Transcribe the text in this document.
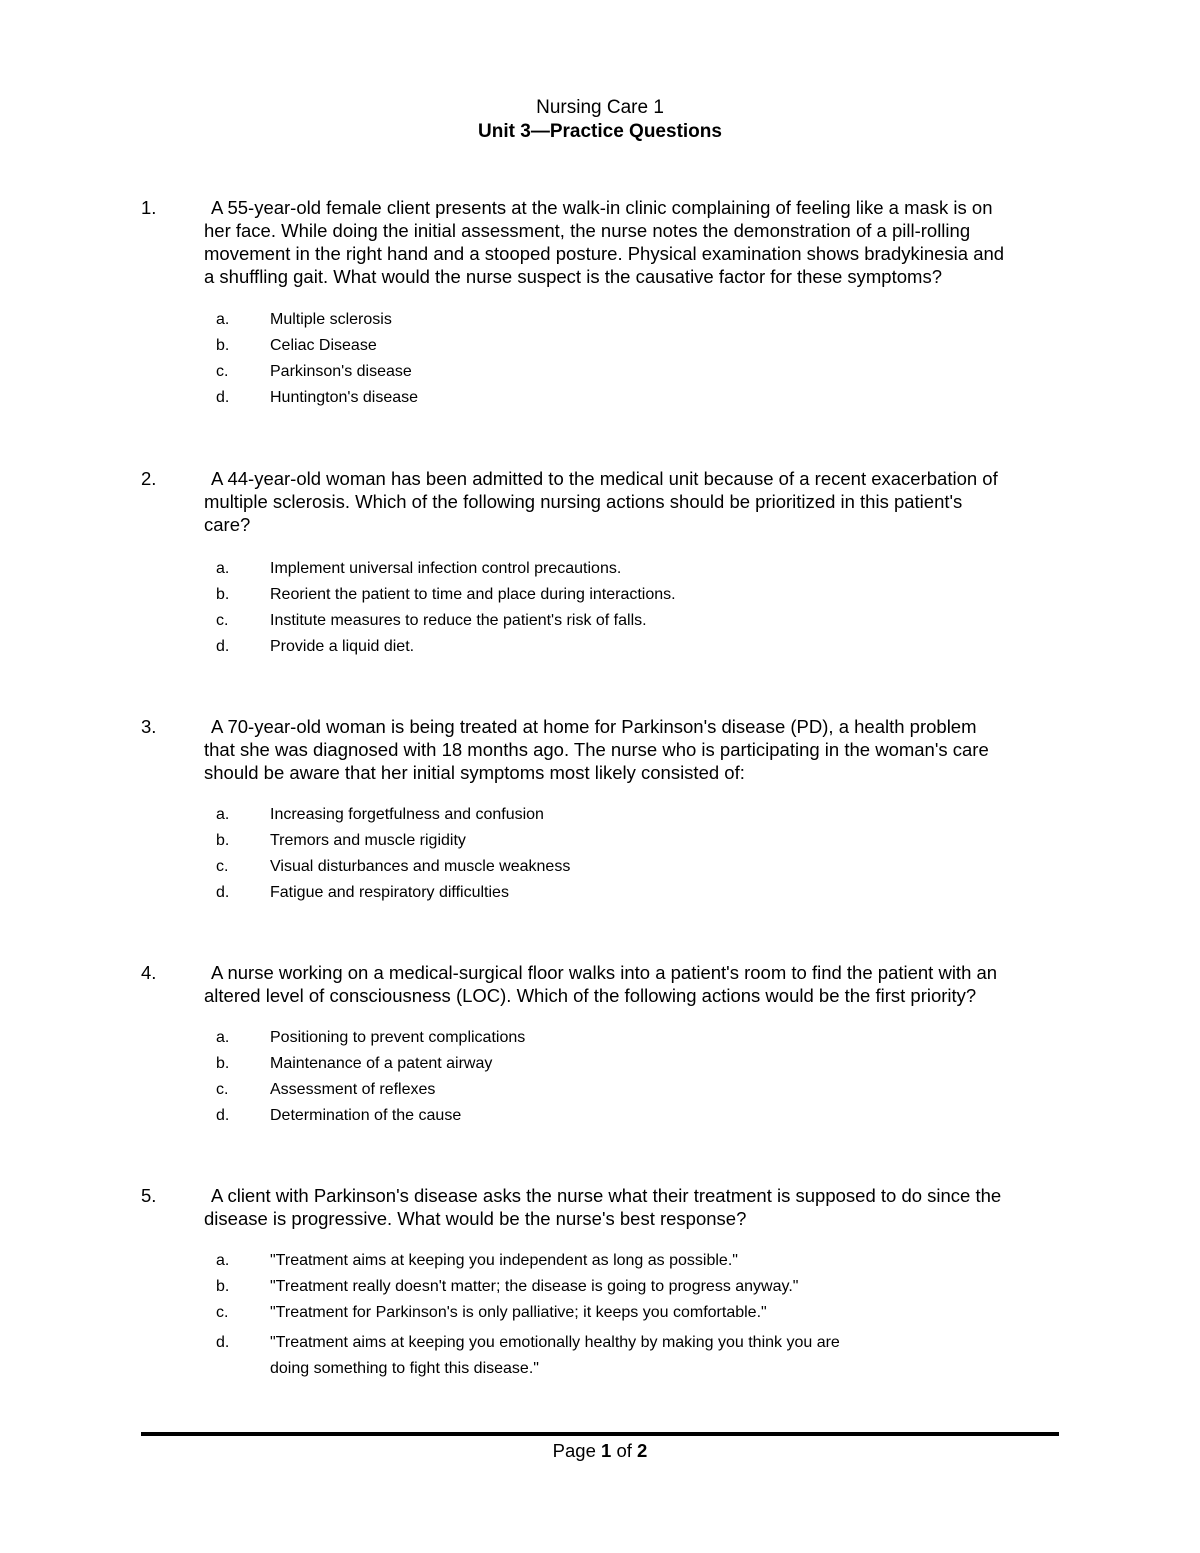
Nursing Care 1
Unit 3—Practice Questions
1.	A 55-year-old female client presents at the walk-in clinic complaining of feeling like a mask is on
her face. While doing the initial assessment, the nurse notes the demonstration of a pill-rolling
movement in the right hand and a stooped posture. Physical examination shows bradykinesia and
a shuffling gait. What would the nurse suspect is the causative factor for these symptoms?
a.	Multiple sclerosis
b.	Celiac Disease
c.	Parkinson's disease
d.	Huntington's disease
2.	A 44-year-old woman has been admitted to the medical unit because of a recent exacerbation of
multiple sclerosis. Which of the following nursing actions should be prioritized in this patient's
care?
a.	Implement universal infection control precautions.
b.	Reorient the patient to time and place during interactions.
c.	Institute measures to reduce the patient's risk of falls.
d.	Provide a liquid diet.
3.	A 70-year-old woman is being treated at home for Parkinson's disease (PD), a health problem
that she was diagnosed with 18 months ago. The nurse who is participating in the woman's care
should be aware that her initial symptoms most likely consisted of:
a.	Increasing forgetfulness and confusion
b.	Tremors and muscle rigidity
c.	Visual disturbances and muscle weakness
d.	Fatigue and respiratory difficulties
4.	A nurse working on a medical-surgical floor walks into a patient's room to find the patient with an
altered level of consciousness (LOC). Which of the following actions would be the first priority?
a.	Positioning to prevent complications
b.	Maintenance of a patent airway
c.	Assessment of reflexes
d.	Determination of the cause
5.	A client with Parkinson's disease asks the nurse what their treatment is supposed to do since the
disease is progressive. What would be the nurse's best response?
a.	"Treatment aims at keeping you independent as long as possible."
b.	"Treatment really doesn't matter; the disease is going to progress anyway."
c.	"Treatment for Parkinson's is only palliative; it keeps you comfortable."
d.	"Treatment aims at keeping you emotionally healthy by making you think you are
doing something to fight this disease."
Page 1 of 2
